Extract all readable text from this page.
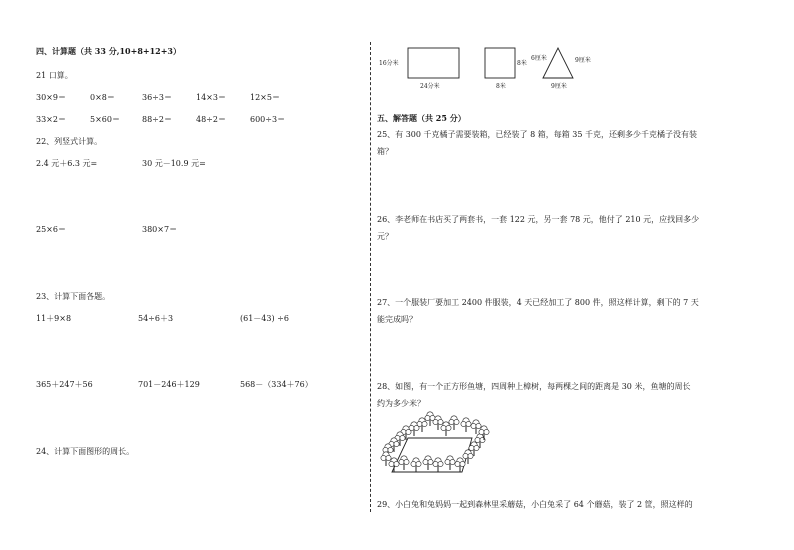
四、计算题（共 33 分,10+8+12+3）
21 口算。
30×9＝	0×8＝	36÷3＝	14×3＝	12×5＝
33×2＝	5×60＝	88÷2＝	48÷2＝	600÷3＝
22、列竖式计算。
2.4 元＋6.3 元=	30 元－10.9 元=
25×6＝	380×7＝
23、计算下面各题。
11＋9×8	54÷6＋3	(61－43) ÷6
365＋247＋56	701－246＋129	568－（334＋76）
24、计算下面图形的周长。
16分米
24分米
8米
8米
6厘米	9厘米
9厘米
五、解答题（共 25 分）
25、有 300 千克橘子需要装箱，已经装了 8 箱，每箱 35 千克，还剩多少千克橘子没有装
箱？
26、李老师在书店买了两套书，一套 122 元，另一套 78 元，他付了 210 元，应找回多少
元？
27、一个服装厂要加工 2400 件服装，4 天已经加工了 800 件，照这样计算，剩下的 7 天
能完成吗？
28、如图，有一个正方形鱼塘，四周种上樟树，每两棵之间的距离是 30 米，鱼塘的周长
约为多少米？
29、小白兔和兔妈妈一起到森林里采蘑菇，小白兔采了 64 个蘑菇，装了 2 筐，照这样的
